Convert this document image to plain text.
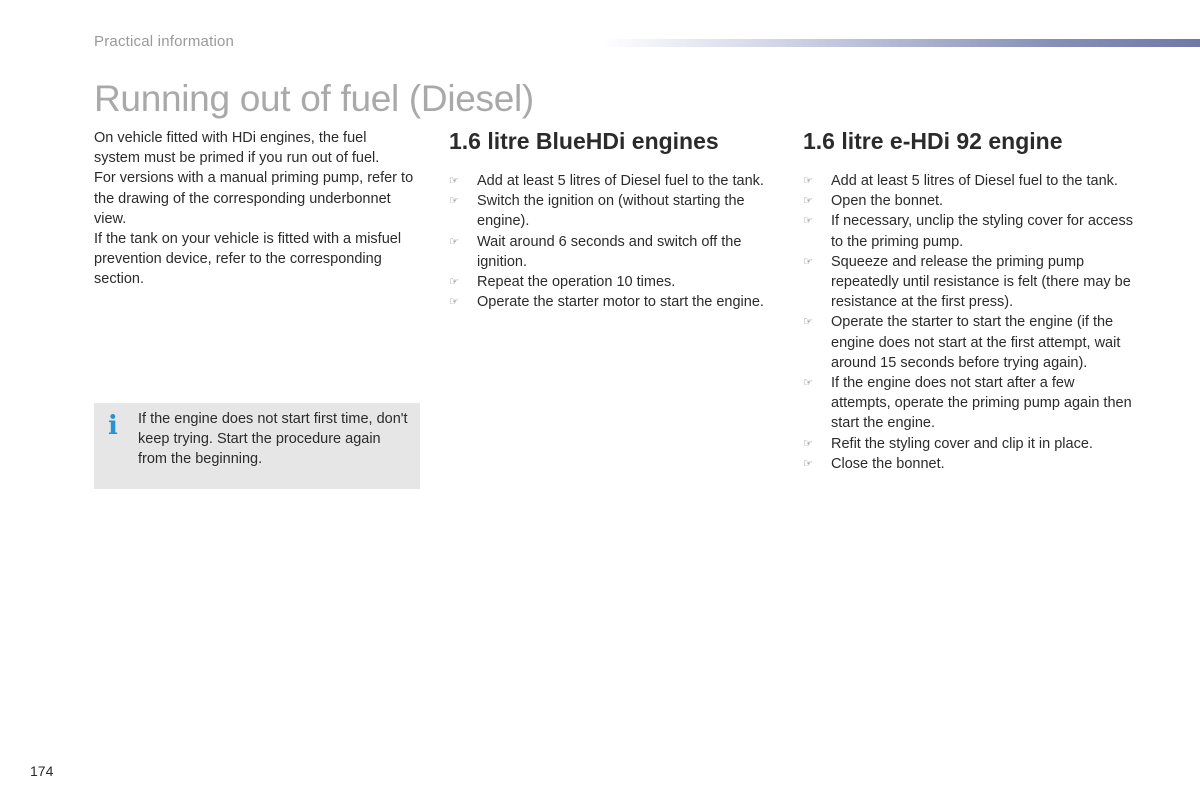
Practical information
Running out of fuel (Diesel)

On vehicle fitted with HDi engines, the fuel system must be primed if you run out of fuel.

For versions with a manual priming pump, refer to the drawing of the corresponding underbonnet view.

If the tank on your vehicle is fitted with a misfuel prevention device, refer to the corresponding section.

i If the engine does not start first time, don't keep trying. Start the procedure again from the beginning.
1.6 litre BlueHDi engines
☞ Add at least 5 litres of Diesel fuel to the tank.
☞ Switch the ignition on (without starting the engine).
☞ Wait around 6 seconds and switch off the ignition.
☞ Repeat the operation 10 times.
☞ Operate the starter motor to start the engine.
1.6 litre e-HDi 92 engine
☞ Add at least 5 litres of Diesel fuel to the tank.
☞ Open the bonnet.
☞ If necessary, unclip the styling cover for access to the priming pump.
☞ Squeeze and release the priming pump repeatedly until resistance is felt (there may be resistance at the first press).
☞ Operate the starter to start the engine (if the engine does not start at the first attempt, wait around 15 seconds before trying again).
☞ If the engine does not start after a few attempts, operate the priming pump again then start the engine.
☞ Refit the styling cover and clip it in place.
☞ Close the bonnet.
174
